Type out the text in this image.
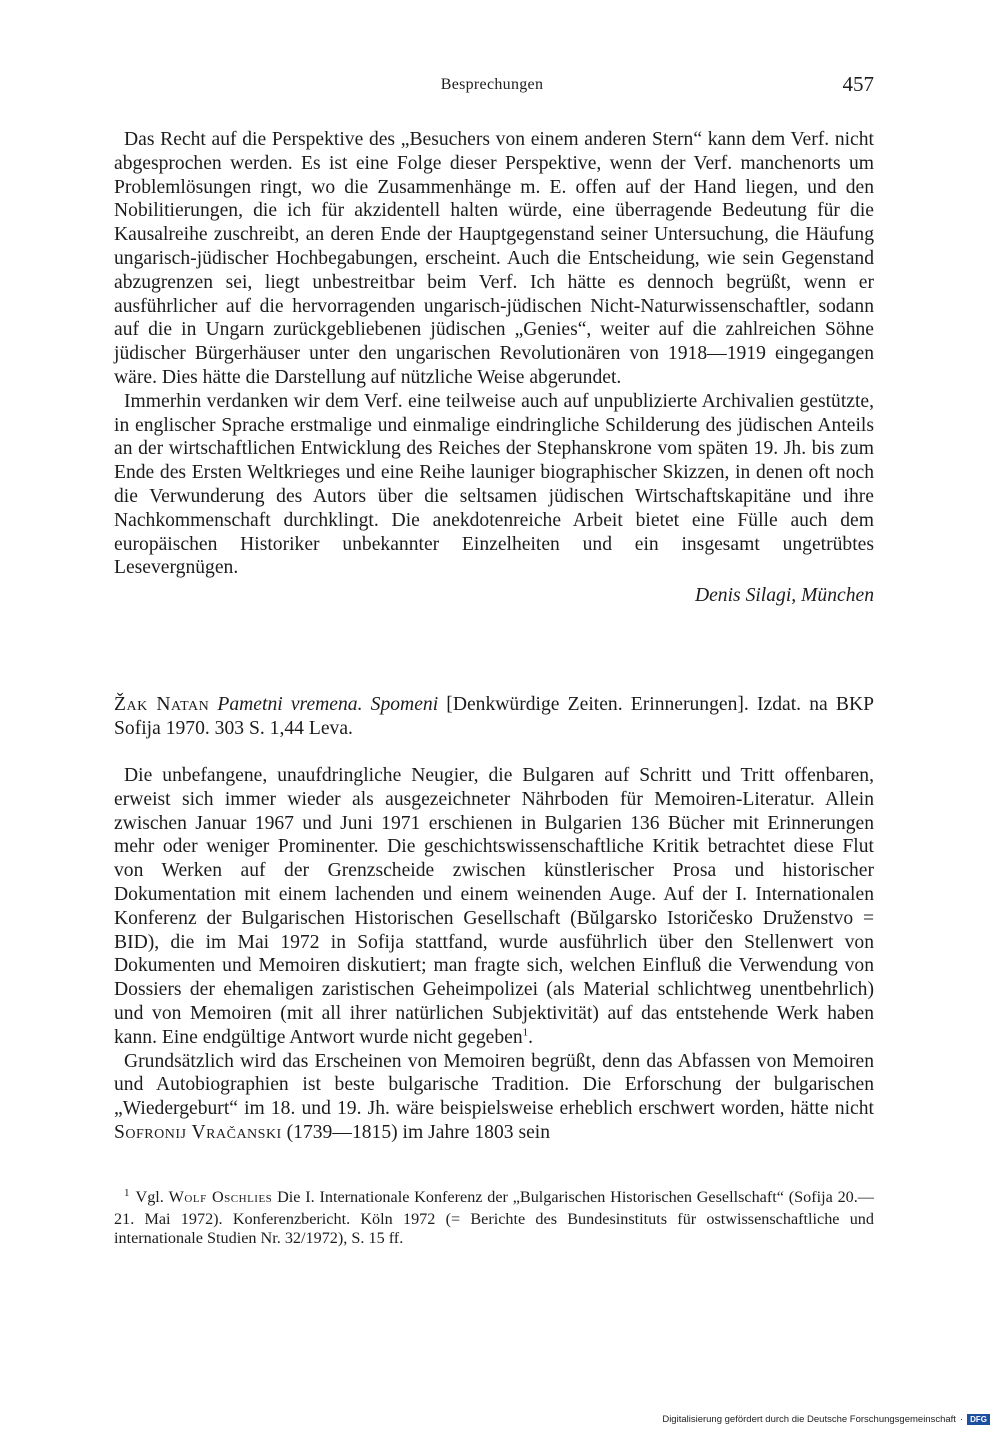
Besprechungen	457

Das Recht auf die Perspektive des „Besuchers von einem anderen Stern“ kann dem Verf. nicht abgesprochen werden. Es ist eine Folge dieser Perspektive, wenn der Verf. manchenorts um Problemlösungen ringt, wo die Zusammenhänge m. E. offen auf der Hand liegen, und den Nobilitierungen, die ich für akzidentell halten würde, eine überragende Bedeutung für die Kausalreihe zuschreibt, an deren Ende der Hauptgegenstand seiner Untersuchung, die Häufung ungarisch-jüdischer Hochbegabungen, erscheint. Auch die Entscheidung, wie sein Gegenstand abzugrenzen sei, liegt unbestreitbar beim Verf. Ich hätte es dennoch begrüßt, wenn er ausführlicher auf die hervorragenden ungarisch-jüdischen Nicht-Naturwissenschaftler, sodann auf die in Ungarn zurückgebliebenen jüdischen „Genies“, weiter auf die zahlreichen Söhne jüdischer Bürgerhäuser unter den ungarischen Revolutionären von 1918—1919 eingegangen wäre. Dies hätte die Darstellung auf nützliche Weise abgerundet.

Immerhin verdanken wir dem Verf. eine teilweise auch auf unpublizierte Archivalien gestützte, in englischer Sprache erstmalige und einmalige eindringliche Schilderung des jüdischen Anteils an der wirtschaftlichen Entwicklung des Reiches der Stephanskrone vom späten 19. Jh. bis zum Ende des Ersten Weltkrieges und eine Reihe launiger biographischer Skizzen, in denen oft noch die Verwunderung des Autors über die seltsamen jüdischen Wirtschaftskapitäne und ihre Nachkommenschaft durchklingt. Die anekdotenreiche Arbeit bietet eine Fülle auch dem europäischen Historiker unbekannter Einzelheiten und ein insgesamt ungetrübtes Lesevergnügen.

Denis Silagi, München

Žak Natan Pametni vremena. Spomeni [Denkwürdige Zeiten. Erinnerungen]. Izdat. na BKP Sofija 1970. 303 S. 1,44 Leva.

Die unbefangene, unaufdringliche Neugier, die Bulgaren auf Schritt und Tritt offenbaren, erweist sich immer wieder als ausgezeichneter Nährboden für Memoiren-Literatur. Allein zwischen Januar 1967 und Juni 1971 erschienen in Bulgarien 136 Bücher mit Erinnerungen mehr oder weniger Prominenter. Die geschichtswissenschaftliche Kritik betrachtet diese Flut von Werken auf der Grenzscheide zwischen künstlerischer Prosa und historischer Dokumentation mit einem lachenden und einem weinenden Auge. Auf der I. Internationalen Konferenz der Bulgarischen Historischen Gesellschaft (Bŭlgarsko Istoričesko Druženstvo = BID), die im Mai 1972 in Sofija stattfand, wurde ausführlich über den Stellenwert von Dokumenten und Memoiren diskutiert; man fragte sich, welchen Einfluß die Verwendung von Dossiers der ehemaligen zaristischen Geheimpolizei (als Material schlichtweg unentbehrlich) und von Memoiren (mit all ihrer natürlichen Subjektivität) auf das entstehende Werk haben kann. Eine endgültige Antwort wurde nicht gegeben$^1$.

Grundsätzlich wird das Erscheinen von Memoiren begrüßt, denn das Abfassen von Memoiren und Autobiographien ist beste bulgarische Tradition. Die Erforschung der bulgarischen „Wiedergeburt“ im 18. und 19. Jh. wäre beispielsweise erheblich erschwert worden, hätte nicht Sofronij Vračanski (1739—1815) im Jahre 1803 sein

$^1$ Vgl. Wolf Oschlies Die I. Internationale Konferenz der „Bulgarischen Historischen Gesellschaft“ (Sofija 20.—21. Mai 1972). Konferenzbericht. Köln 1972 (= Berichte des Bundesinstituts für ostwissenschaftliche und internationale Studien Nr. 32/1972), S. 15 ff.

Digitalisierung gefördert durch die Deutsche Forschungsgemeinschaft · DFG
